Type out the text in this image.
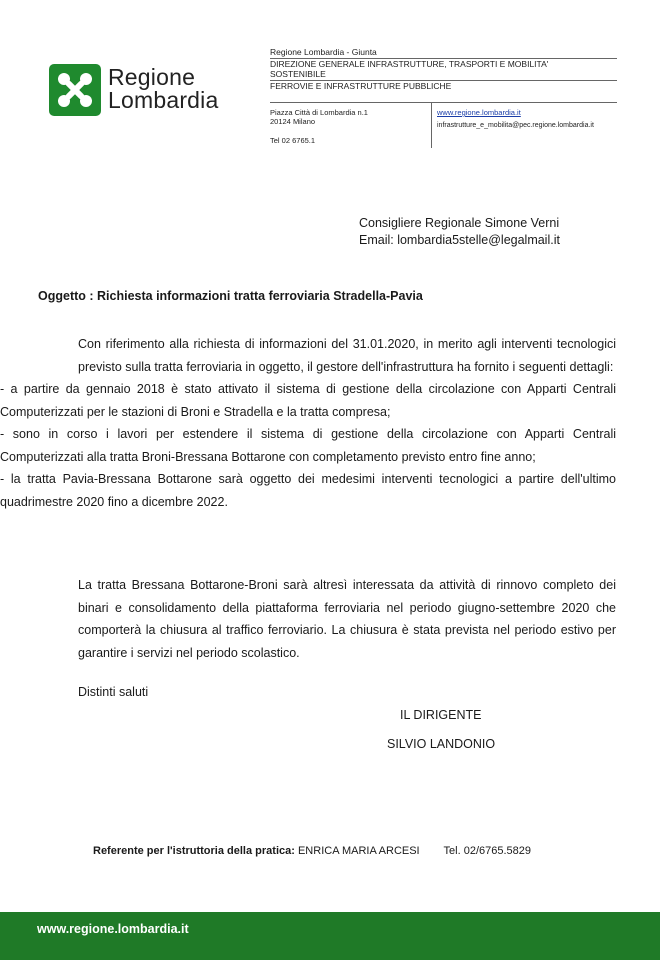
Regione
Lombardia
Regione Lombardia - Giunta
DIREZIONE GENERALE INFRASTRUTTURE, TRASPORTI E MOBILITA'
SOSTENIBILE
FERROVIE E INFRASTRUTTURE PUBBLICHE
Piazza Città di Lombardia n.1
20124 Milano
Tel 02 6765.1
www.regione.lombardia.it
infrastrutture_e_mobilita@pec.regione.lombardia.it
Consigliere Regionale Simone Verni
Email: lombardia5stelle@legalmail.it
Oggetto : Richiesta informazioni tratta ferroviaria Stradella-Pavia

Con riferimento alla richiesta di informazioni del 31.01.2020, in merito agli interventi tecnologici previsto sulla tratta ferroviaria in oggetto, il gestore dell'infrastruttura ha fornito i seguenti dettagli:

- a partire da gennaio 2018 è stato attivato il sistema di gestione della circolazione con Apparti Centrali Computerizzati per le stazioni di Broni e Stradella e la tratta compresa;

- sono in corso i lavori per estendere il sistema di gestione della circolazione con Apparti Centrali Computerizzati alla tratta Broni-Bressana Bottarone con completamento previsto entro fine anno;

- la tratta Pavia-Bressana Bottarone sarà oggetto dei medesimi interventi tecnologici a partire dell'ultimo quadrimestre 2020 fino a dicembre 2022.

La tratta Bressana Bottarone-Broni sarà altresì interessata da attività di rinnovo completo dei binari e consolidamento della piattaforma ferroviaria nel periodo giugno-settembre 2020 che comporterà la chiusura al traffico ferroviario. La chiusura è stata prevista nel periodo estivo per garantire i servizi nel periodo scolastico.
Distinti saluti
IL DIRIGENTE
SILVIO LANDONIO
Referente per l'istruttoria della pratica: ENRICA MARIA ARCESI Tel. 02/6765.5829
www.regione.lombardia.it
